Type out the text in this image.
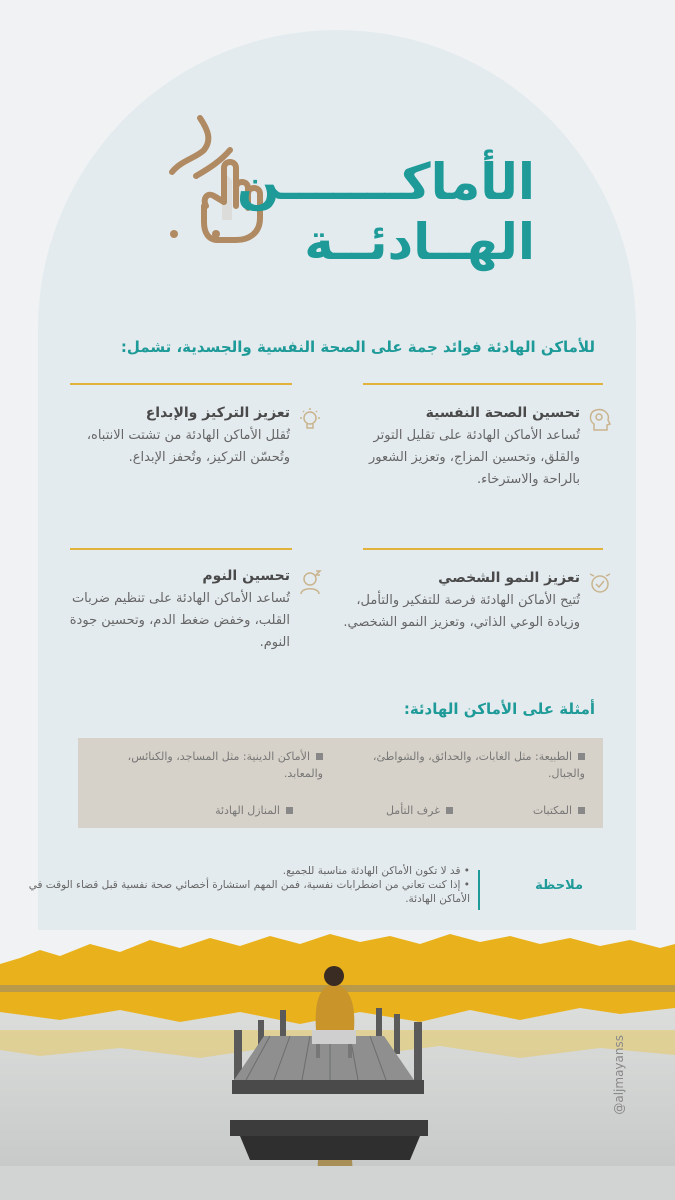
الأماكـــــــن
الهــادئــة
للأماكن الهادئة فوائد جمة على الصحة النفسية والجسدية، تشمل:
تحسين الصحة النفسية

تُساعد الأماكن الهادئة على تقليل التوتر والقلق، وتحسين المزاج، وتعزيز الشعور بالراحة والاسترخاء.

تعزيز التركيز والإبداع

تُقلل الأماكن الهادئة من تشتت الانتباه، وتُحسّن التركيز، وتُحفز الإبداع.

تعزيز النمو الشخصي

تُتيح الأماكن الهادئة فرصة للتفكير والتأمل، وزيادة الوعي الذاتي، وتعزيز النمو الشخصي.

تحسين النوم

تُساعد الأماكن الهادئة على تنظيم ضربات القلب، وخفض ضغط الدم، وتحسين جودة النوم.

أمثلة على الأماكن الهادئة:
الطبيعة: مثل الغابات، والحدائق، والشواطئ، والجبال.
الأماكن الدينية: مثل المساجد، والكنائس، والمعابد.
المكتبات
غرف التأمل
المنازل الهادئة
ملاحظة
• قد لا تكون الأماكن الهادئة مناسبة للجميع.
• إذا كنت تعاني من اضطرابات نفسية، فمن المهم استشارة أخصائي صحة نفسية قبل قضاء الوقت في الأماكن الهادئة.
@aljmayanss
